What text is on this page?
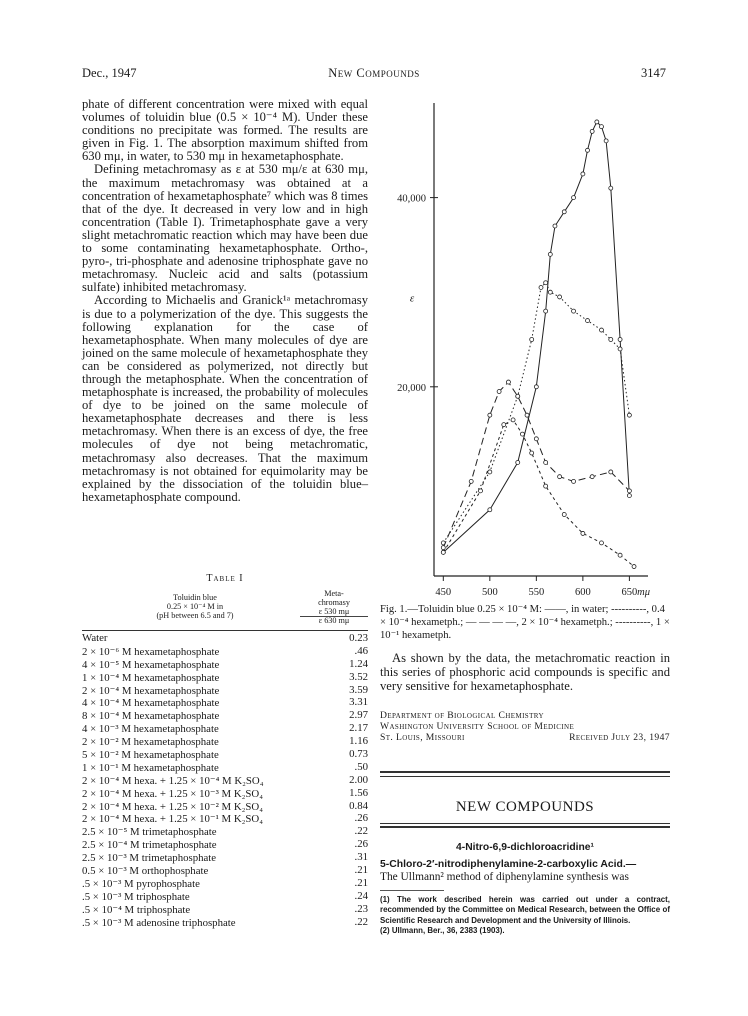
Dec., 1947	New Compounds	3147

phate of different concentration were mixed with equal volumes of toluidin blue (0.5 × 10⁻⁴ M). Under these conditions no precipitate was formed. The results are given in Fig. 1. The absorption maximum shifted from 630 mμ, in water, to 530 mμ in hexametaphosphate.

Defining metachromasy as ε at 530 mμ/ε at 630 mμ, the maximum metachromasy was obtained at a concentration of hexametaphosphate⁷ which was 8 times that of the dye. It decreased in very low and in high concentration (Table I). Trimetaphosphate gave a very slight metachromatic reaction which may have been due to some contaminating hexametaphosphate. Ortho-, pyro-, tri-phosphate and adenosine triphosphate gave no metachromasy. Nucleic acid and salts (potassium sulfate) inhibited metachromasy.

According to Michaelis and Granick¹ᵃ metachromasy is due to a polymerization of the dye. This suggests the following explanation for the case of hexametaphosphate. When many molecules of dye are joined on the same molecule of hexametaphosphate they can be considered as polymerized, not directly but through the metaphosphate. When the concentration of metaphosphate is increased, the probability of molecules of dye to be joined on the same molecule of hexametaphosphate decreases and there is less metachromasy. When there is an excess of dye, the free molecules of dye not being metachromatic, metachromasy also decreases. That the maximum metachromasy is not obtained for equimolarity may be explained by the dissociation of the toluidin blue–hexametaphosphate compound.

Table I
Toluidin blue
0.25 × 10⁻⁴ M in
(pH between 6.5 and 7)
Meta-
chromasy
ε 530 mμ
ε 630 mμ
Water	0.23
2 × 10⁻⁶ M hexametaphosphate	.46
4 × 10⁻⁵ M hexametaphosphate	1.24
1 × 10⁻⁴ M hexametaphosphate	3.52
2 × 10⁻⁴ M hexametaphosphate	3.59
4 × 10⁻⁴ M hexametaphosphate	3.31
8 × 10⁻⁴ M hexametaphosphate	2.97
4 × 10⁻³ M hexametaphosphate	2.17
2 × 10⁻² M hexametaphosphate	1.16
5 × 10⁻² M hexametaphosphate	0.73
1 × 10⁻¹ M hexametaphosphate	.50
2 × 10⁻⁴ M hexa. + 1.25 × 10⁻⁴ M K₂SO₄	2.00
2 × 10⁻⁴ M hexa. + 1.25 × 10⁻³ M K₂SO₄	1.56
2 × 10⁻⁴ M hexa. + 1.25 × 10⁻² M K₂SO₄	0.84
2 × 10⁻⁴ M hexa. + 1.25 × 10⁻¹ M K₂SO₄	.26
2.5 × 10⁻⁵ M trimetaphosphate	.22
2.5 × 10⁻⁴ M trimetaphosphate	.26
2.5 × 10⁻³ M trimetaphosphate	.31
0.5 × 10⁻³ M orthophosphate	.21
.5 × 10⁻³ M pyrophosphate	.21
.5 × 10⁻³ M triphosphate	.24
.5 × 10⁻⁴ M triphosphate	.23
.5 × 10⁻³ M adenosine triphosphate	.22
20,000
40,000
450	500	550	600	650 mμ
ε
Fig. 1.—Toluidin blue 0.25 × 10⁻⁴ M: ——, in water; ----------, 0.4 × 10⁻⁴ hexametph.; — — — —, 2 × 10⁻⁴ hexametph.; ----------, 1 × 10⁻¹ hexametph.

As shown by the data, the metachromatic reaction in this series of phosphoric acid compounds is specific and very sensitive for hexametaphosphate.

Department of Biological Chemistry
Washington University School of Medicine
St. Louis, Missouri	Received July 23, 1947
NEW COMPOUNDS
4-Nitro-6,9-dichloroacridine¹
5-Chloro-2′-nitrodiphenylamine-2-carboxylic Acid.—
The Ullmann² method of diphenylamine synthesis was
(1) The work described herein was carried out under a contract, recommended by the Committee on Medical Research, between the Office of Scientific Research and Development and the University of Illinois.
(2) Ullmann, Ber., 36, 2383 (1903).
